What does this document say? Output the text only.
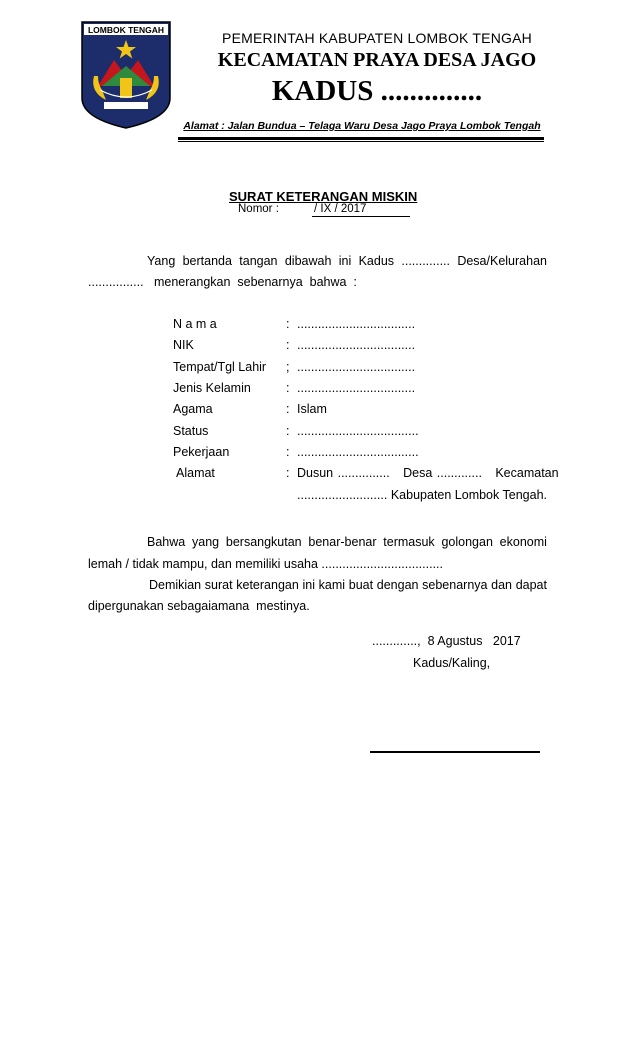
LOMBOK TENGAH	PEMERINTAH KABUPATEN LOMBOK TENGAH
KECAMATAN PRAYA DESA JAGO
KADUS ..............
Alamat : Jalan Bundua – Telaga Waru Desa Jago Praya Lombok Tengah
SURAT KETERANGAN MISKIN
Nomor :	/ IX / 2017
Yang bertanda tangan dibawah ini Kadus .............. Desa/Kelurahan
................   menerangkan  sebenarnya  bahwa  :
N a m a	: ..................................
NIK	: ..................................
Tempat/Tgl Lahir ; ..................................
Jenis Kelamin	: ..................................
Agama	: Islam
Status	: ...................................
Pekerjaan	: ...................................
Alamat	: Dusun ...............   Desa .............   Kecamatan
.......................... Kabupaten Lombok Tengah.
Bahwa yang bersangkutan benar-benar termasuk golongan ekonomi
lemah / tidak mampu, dan memiliki usaha ...................................
Demikian surat keterangan ini kami buat dengan sebenarnya dan dapat
dipergunakan sebagaiamana  mestinya.
.............,  8 Agustus   2017
Kadus/Kaling,
